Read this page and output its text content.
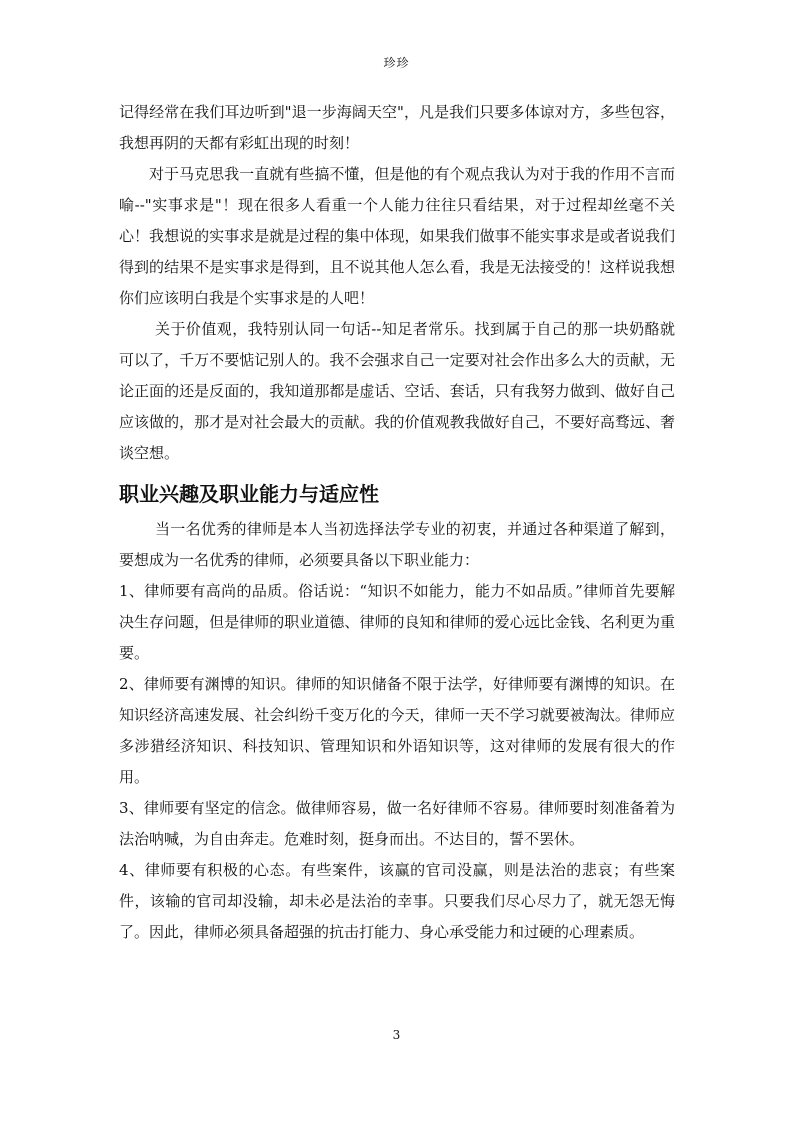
珍珍

记得经常在我们耳边听到"退一步海阔天空"，凡是我们只要多体谅对方，多些包容，我想再阴的天都有彩虹出现的时刻！

对于马克思我一直就有些搞不懂，但是他的有个观点我认为对于我的作用不言而喻--"实事求是"！现在很多人看重一个人能力往往只看结果，对于过程却丝毫不关心！我想说的实事求是就是过程的集中体现，如果我们做事不能实事求是或者说我们得到的结果不是实事求是得到，且不说其他人怎么看，我是无法接受的！这样说我想你们应该明白我是个实事求是的人吧！

关于价值观，我特别认同一句话--知足者常乐。找到属于自己的那一块奶酪就可以了，千万不要惦记别人的。我不会强求自己一定要对社会作出多么大的贡献，无论正面的还是反面的，我知道那都是虚话、空话、套话，只有我努力做到、做好自己应该做的，那才是对社会最大的贡献。我的价值观教我做好自己，不要好高骛远、奢谈空想。

职业兴趣及职业能力与适应性

当一名优秀的律师是本人当初选择法学专业的初衷，并通过各种渠道了解到，要想成为一名优秀的律师，必须要具备以下职业能力：

1、律师要有高尚的品质。俗话说：“知识不如能力，能力不如品质。”律师首先要解决生存问题，但是律师的职业道德、律师的良知和律师的爱心远比金钱、名利更为重要。

2、律师要有渊博的知识。律师的知识储备不限于法学，好律师要有渊博的知识。在知识经济高速发展、社会纠纷千变万化的今天，律师一天不学习就要被淘汰。律师应多涉猎经济知识、科技知识、管理知识和外语知识等，这对律师的发展有很大的作用。

3、律师要有坚定的信念。做律师容易，做一名好律师不容易。律师要时刻准备着为法治呐喊，为自由奔走。危难时刻，挺身而出。不达目的，誓不罢休。

4、律师要有积极的心态。有些案件，该赢的官司没赢，则是法治的悲哀；有些案件，该输的官司却没输，却未必是法治的幸事。只要我们尽心尽力了，就无怨无悔了。因此，律师必须具备超强的抗击打能力、身心承受能力和过硬的心理素质。

3
